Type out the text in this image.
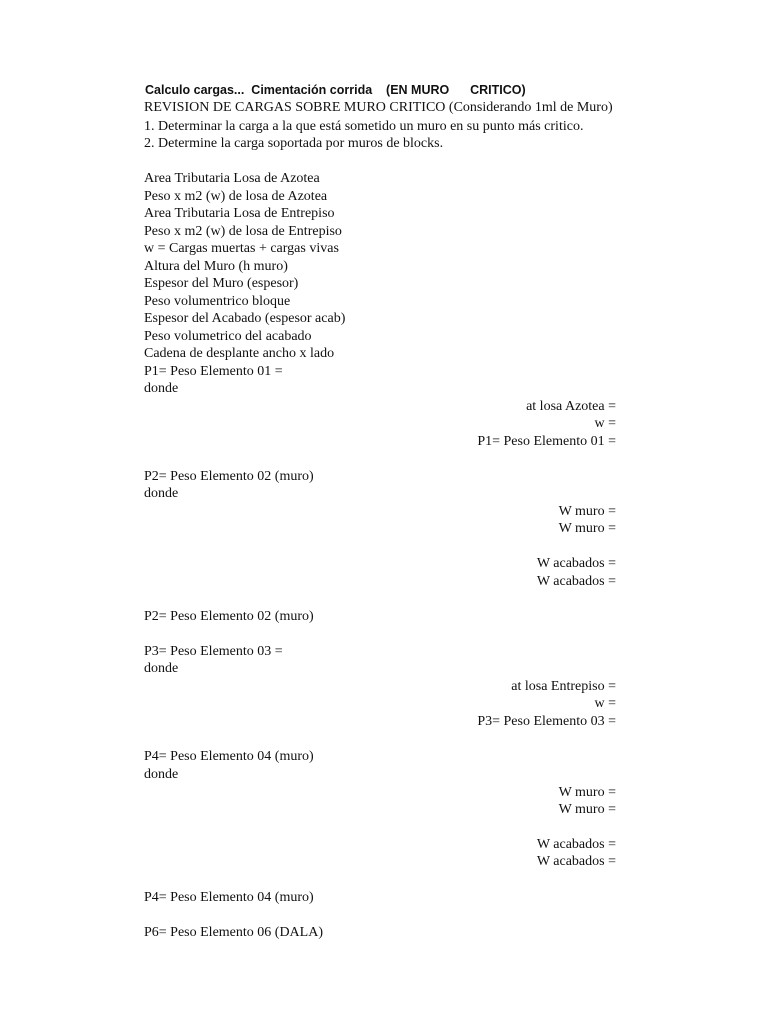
Calculo cargas...  Cimentación corrida    (EN MURO      CRITICO)
REVISION DE CARGAS SOBRE MURO CRITICO (Considerando 1ml de Muro)
1. Determinar la carga a la que está sometido un muro en su punto más critico.
2. Determine la carga soportada por muros de blocks.
Area Tributaria Losa de Azotea
Peso x m2 (w) de losa de Azotea
Area Tributaria Losa de Entrepiso
Peso x m2 (w) de losa de Entrepiso
w = Cargas muertas + cargas vivas
Altura del Muro (h muro)
Espesor del Muro (espesor)
Peso volumentrico bloque
Espesor del Acabado (espesor acab)
Peso volumetrico del acabado
Cadena de desplante ancho x lado
P1= Peso Elemento 01 =
donde
at losa Azotea =
w =
P1= Peso Elemento 01 =
P2= Peso Elemento 02 (muro)
donde
W muro =
W muro =
W acabados =
W acabados =
P2= Peso Elemento 02 (muro)
P3= Peso Elemento 03 =
donde
at losa Entrepiso =
w =
P3= Peso Elemento 03 =
P4= Peso Elemento 04 (muro)
donde
W muro =
W muro =
W acabados =
W acabados =
P4= Peso Elemento 04 (muro)
P6= Peso Elemento 06 (DALA)
